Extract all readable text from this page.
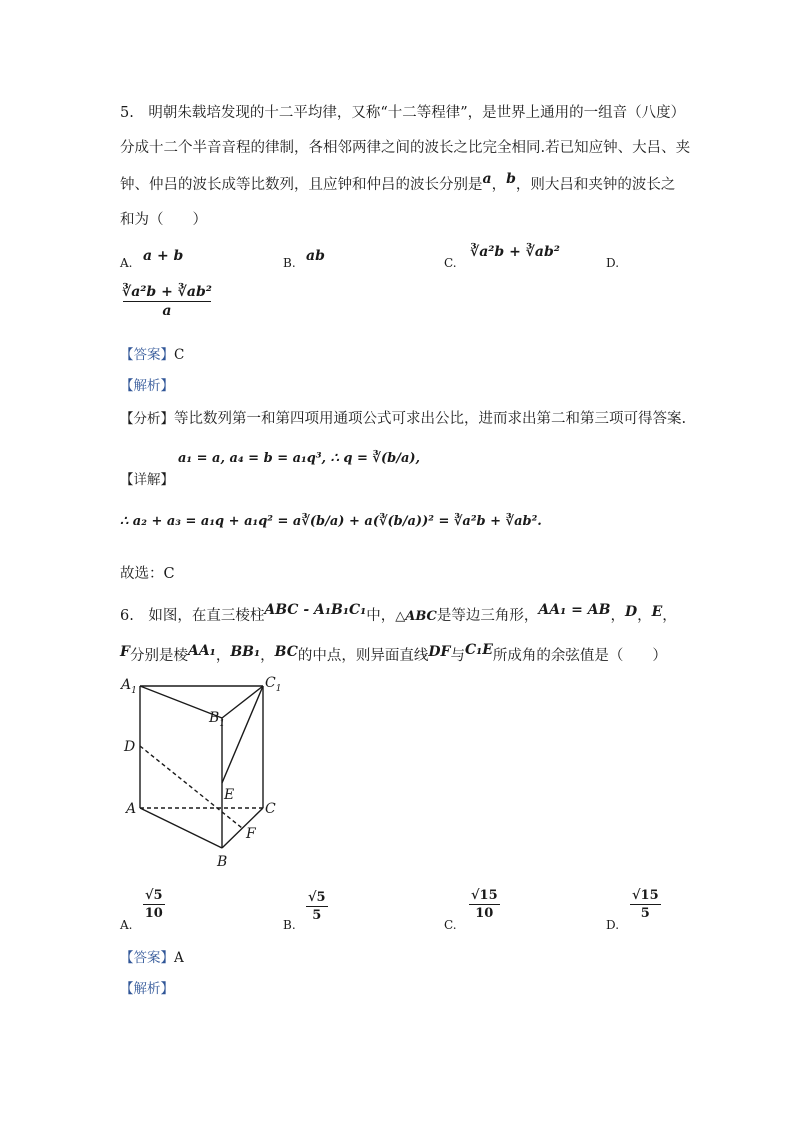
5.　明朝朱载培发现的十二平均律，又称“十二等程律”，是世界上通用的一组音（八度）
分成十二个半音音程的律制，各相邻两律之间的波长之比完全相同.若已知应钟、大吕、夹
钟、仲吕的波长成等比数列，且应钟和仲吕的波长分别是a，b，则大吕和夹钟的波长之
和为（　　）
A. a + b	B. ab	C.
∛a²b + ∛ab²
D.
$\frac{\text{∛a²b + ∛ab²}}{a}$
【答案】C
【解析】
【分析】等比数列第一和第四项用通项公式可求出公比，进而求出第二和第三项可得答案.
a₁ = a, a₄ = b = a₁q³, ∴ q = ∛(b/a),
【详解】
∴ a₂ + a₃ = a₁q + a₁q² = a∛(b/a) + a(∛(b/a))² = ∛a²b + ∛ab².
故选：C
6.　如图，在直三棱柱ABC - A₁B₁C₁中，△ABC是等边三角形，AA₁ = AB，D，E，
F分别是棱AA₁，BB₁，BC的中点，则异面直线DF与C₁E所成角的余弦值是（　　）
$A_1$	$C_1$
$B_1$
D
E
A	C
F
B
A.
$\frac{√5}{10}$
B.
$\frac{√5}{5}$
C.
$\frac{√15}{10}$
D.
$\frac{√15}{5}$
【答案】A
【解析】
